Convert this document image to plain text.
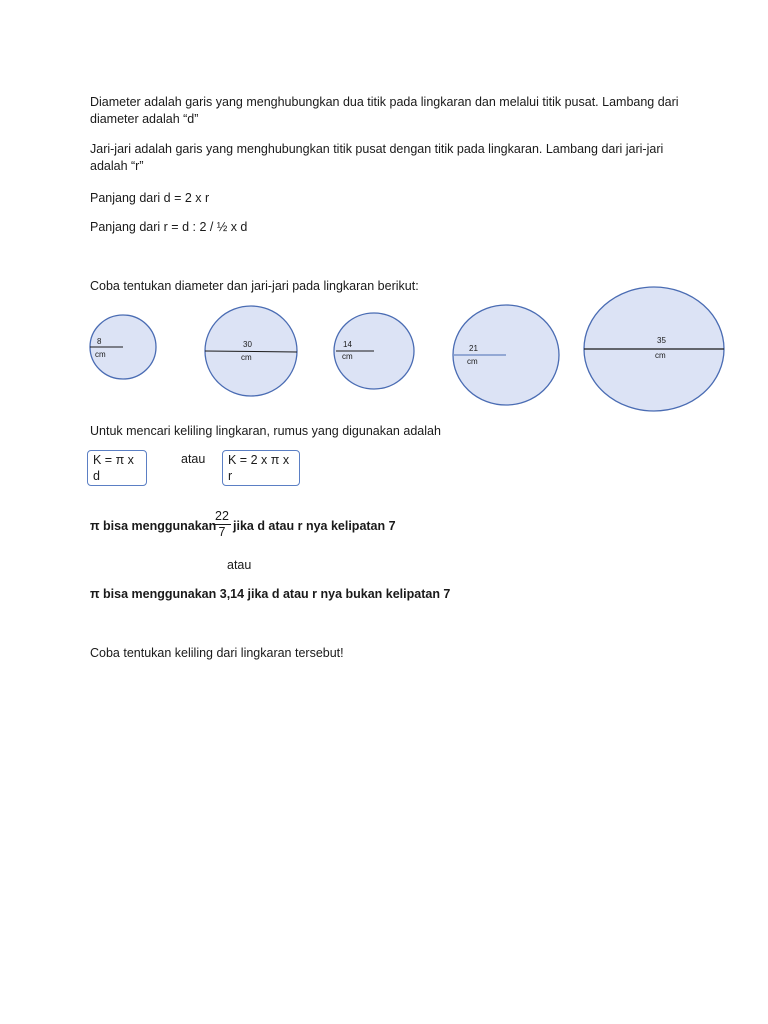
Diameter adalah garis yang menghubungkan dua titik pada lingkaran dan melalui titik pusat. Lambang dari diameter adalah “d”

Jari-jari adalah garis yang menghubungkan titik pusat dengan titik pada lingkaran. Lambang dari jari-jari adalah “r”

Panjang dari d = 2 x r

Panjang dari r = d : 2 / ½ x d

Coba tentukan diameter dan jari-jari pada lingkaran berikut:

8
cm
30
cm
14
cm
21
cm
35
cm

Untuk mencari keliling lingkaran, rumus yang digunakan adalah

K = π x d
atau	K = 2 x π x r
π bisa menggunakan
$\frac{22}{7}$ jika d atau r nya kelipatan 7
atau
π bisa menggunakan 3,14 jika d atau r nya bukan kelipatan 7
Coba tentukan keliling dari lingkaran tersebut!
